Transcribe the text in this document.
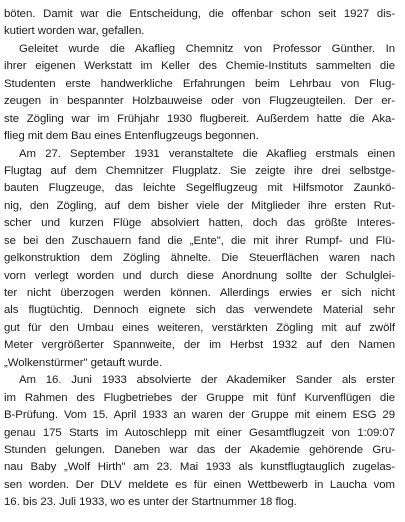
böten. Damit war die Entscheidung, die offenbar schon seit 1927 dis-
kutiert worden war, gefallen.
Geleitet wurde die Akaflieg Chemnitz von Professor Günther. In
ihrer eigenen Werkstatt im Keller des Chemie-Instituts sammelten die
Studenten erste handwerkliche Erfahrungen beim Lehrbau von Flug-
zeugen in bespannter Holzbauweise oder von Flugzeugteilen. Der er-
ste Zögling war im Frühjahr 1930 flugbereit. Außerdem hatte die Aka-
flieg mit dem Bau eines Entenflugzeugs begonnen.
Am 27. September 1931 veranstaltete die Akaflieg erstmals einen
Flugtag auf dem Chemnitzer Flugplatz. Sie zeigte ihre drei selbstge-
bauten Flugzeuge, das leichte Segelflugzeug mit Hilfsmotor Zaunkö-
nig, den Zögling, auf dem bisher viele der Mitglieder ihre ersten Rut-
scher und kurzen Flüge absolviert hatten, doch das größte Interes-
se bei den Zuschauern fand die „Ente", die mit ihrer Rumpf- und Flü-
gelkonstruktion dem Zögling ähnelte. Die Steuerflächen waren nach
vorn verlegt worden und durch diese Anordnung sollte der Schulglei-
ter nicht überzogen werden können. Allerdings erwies er sich nicht
als flugtüchtig. Dennoch eignete sich das verwendete Material sehr
gut für den Umbau eines weiteren, verstärkten Zögling mit auf zwölf
Meter vergrößerter Spannweite, der im Herbst 1932 auf den Namen
„Wolkenstürmer" getauft wurde.
Am 16. Juni 1933 absolvierte der Akademiker Sander als erster
im Rahmen des Flugbetriebes der Gruppe mit fünf Kurvenflügen die
B-Prüfung. Vom 15. April 1933 an waren der Gruppe mit einem ESG 29
genau 175 Starts im Autoschlepp mit einer Gesamtflugzeit von 1:09:07
Stunden gelungen. Daneben war das der Akademie gehörende Gru-
nau Baby „Wolf Hirth" am 23. Mai 1933 als kunstflugtauglich zugelas-
sen worden. Der DLV meldete es für einen Wettbewerb in Laucha vom
16. bis 23. Juli 1933, wo es unter der Startnummer 18 flog.
